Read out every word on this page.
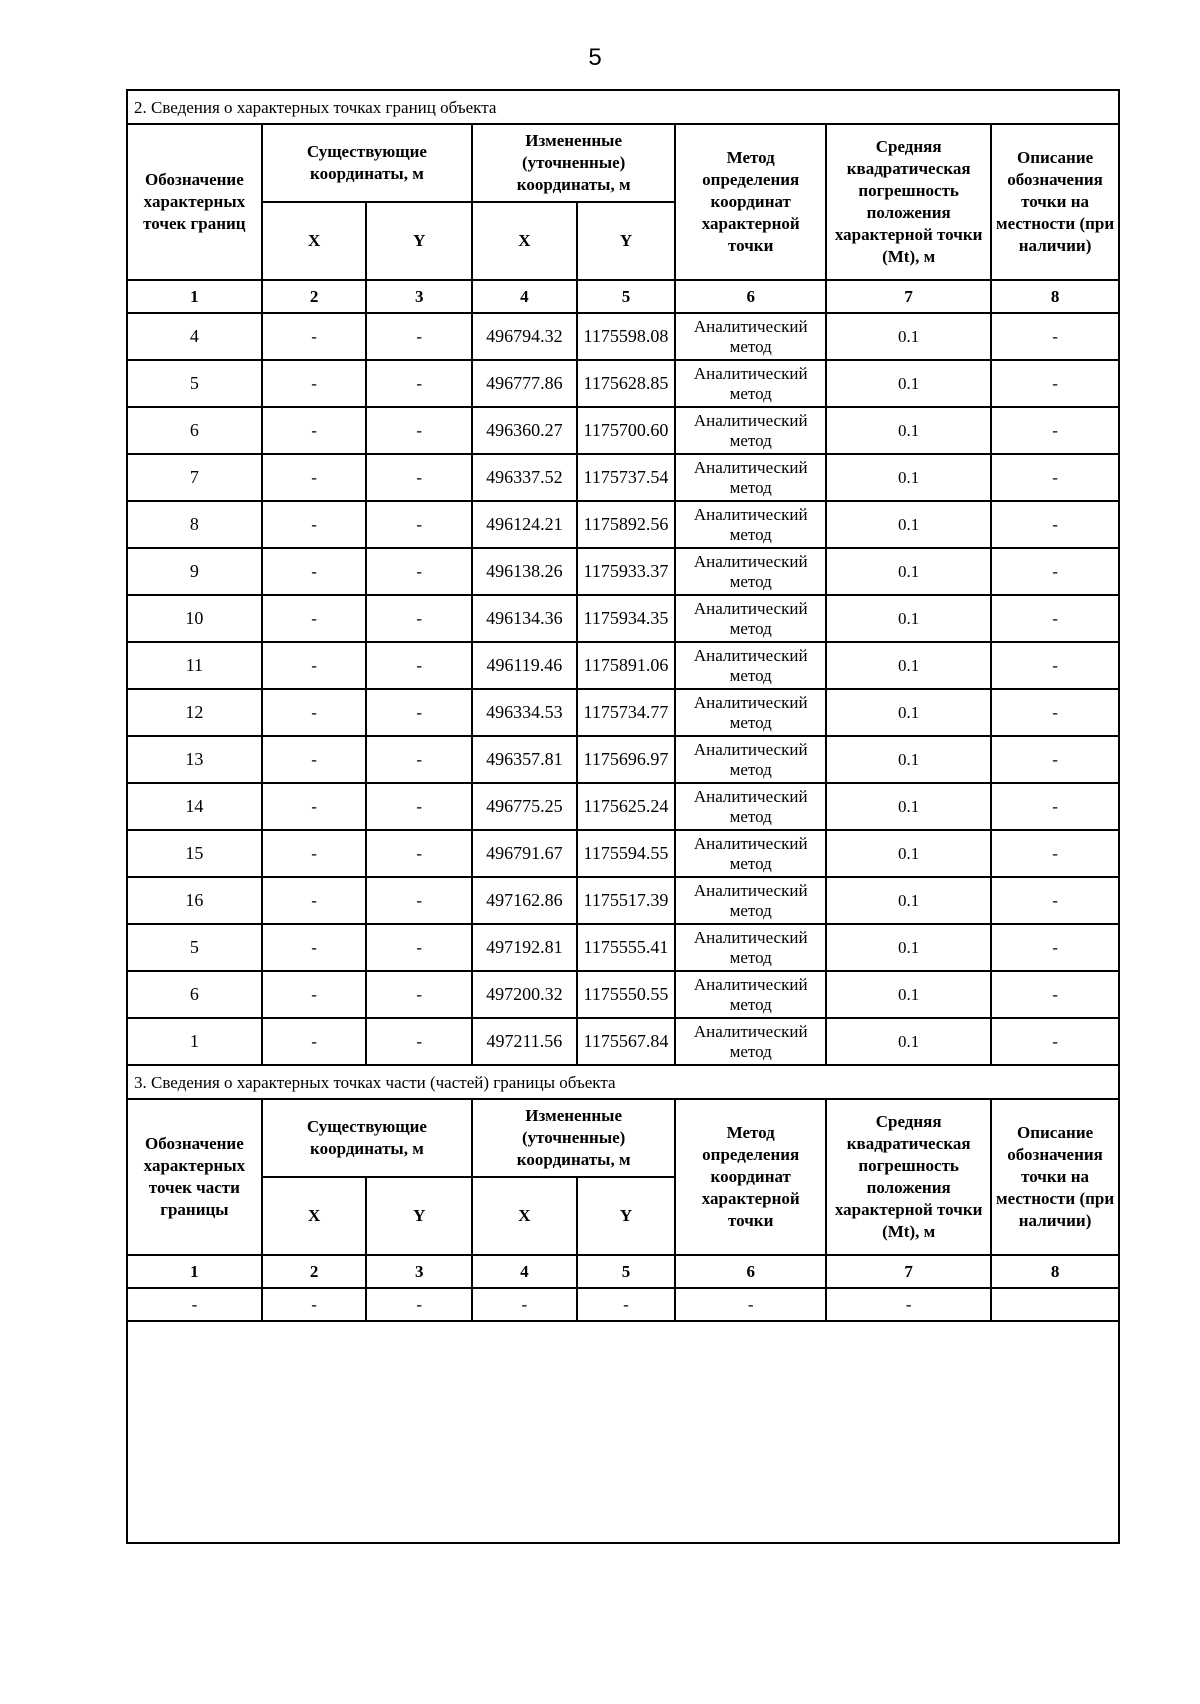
5
2. Сведения о характерных точках границ объекта							
Обозначение характерных точек границ	Существующие координаты, м		Измененные (уточненные) координаты, м		Метод определения координат характерной точки	Средняя квадратическая погрешность положения характерной точки (Mt), м	Описание обозначения точки на местности (при наличии)
	X	Y	X	Y			
1	2	3	4	5	6	7	8
4	-	-	496794.32	1175598.08	Аналитический метод	0.1	-
5	-	-	496777.86	1175628.85	Аналитический метод	0.1	-
6	-	-	496360.27	1175700.60	Аналитический метод	0.1	-
7	-	-	496337.52	1175737.54	Аналитический метод	0.1	-
8	-	-	496124.21	1175892.56	Аналитический метод	0.1	-
9	-	-	496138.26	1175933.37	Аналитический метод	0.1	-
10	-	-	496134.36	1175934.35	Аналитический метод	0.1	-
11	-	-	496119.46	1175891.06	Аналитический метод	0.1	-
12	-	-	496334.53	1175734.77	Аналитический метод	0.1	-
13	-	-	496357.81	1175696.97	Аналитический метод	0.1	-
14	-	-	496775.25	1175625.24	Аналитический метод	0.1	-
15	-	-	496791.67	1175594.55	Аналитический метод	0.1	-
16	-	-	497162.86	1175517.39	Аналитический метод	0.1	-
5	-	-	497192.81	1175555.41	Аналитический метод	0.1	-
6	-	-	497200.32	1175550.55	Аналитический метод	0.1	-
1	-	-	497211.56	1175567.84	Аналитический метод	0.1	-
3. Сведения о характерных точках части (частей) границы объекта							
Обозначение характерных точек части границы	Существующие координаты, м		Измененные (уточненные) координаты, м		Метод определения координат характерной точки	Средняя квадратическая погрешность положения характерной точки (Mt), м	Описание обозначения точки на местности (при наличии)
	X	Y	X	Y			
1	2	3	4	5	6	7	8
-	-	-	-	-	-	-	
